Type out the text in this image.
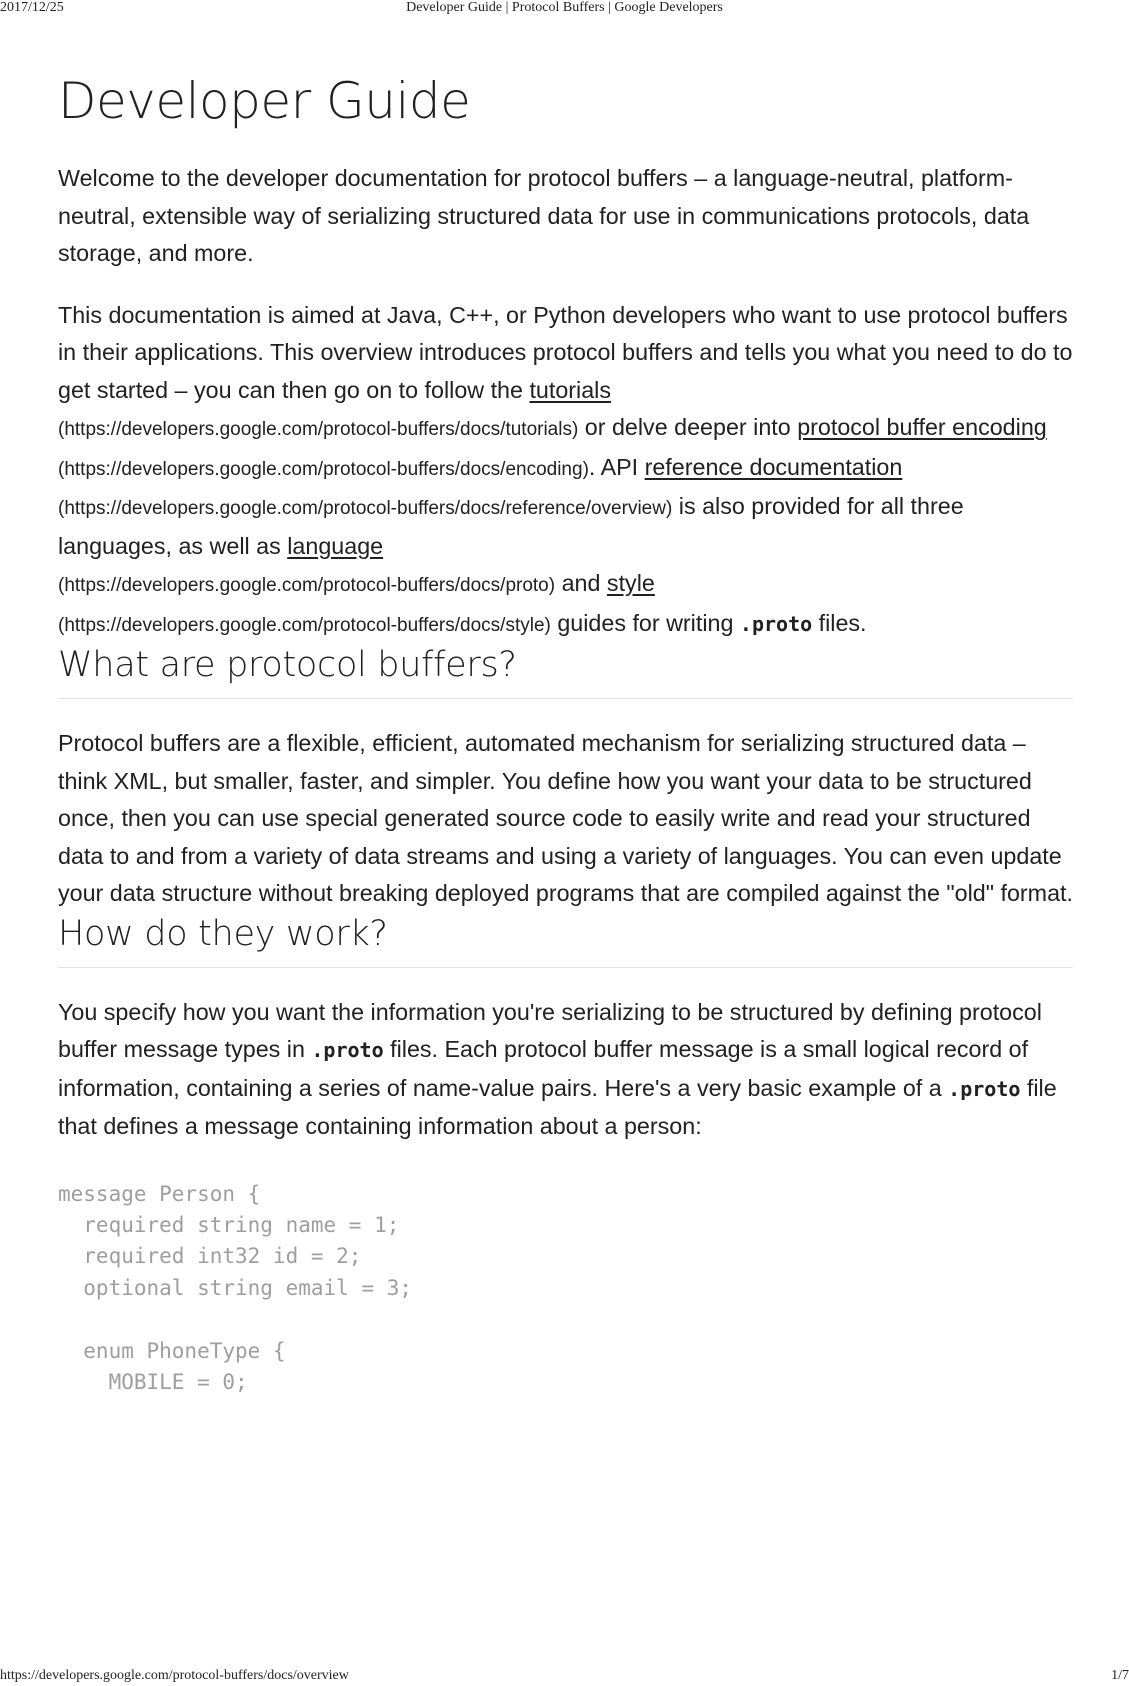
2017/12/25	Developer Guide | Protocol Buffers | Google Developers
Developer Guide

Welcome to the developer documentation for protocol buffers – a language-neutral, platform-neutral, extensible way of serializing structured data for use in communications protocols, data storage, and more.

This documentation is aimed at Java, C++, or Python developers who want to use protocol buffers in their applications. This overview introduces protocol buffers and tells you what you need to do to get started – you can then go on to follow the tutorials
(https://developers.google.com/protocol-buffers/docs/tutorials) or delve deeper into protocol buffer encoding (https://developers.google.com/protocol-buffers/docs/encoding). API reference documentation (https://developers.google.com/protocol-buffers/docs/reference/overview) is also provided for all three languages, as well as language
(https://developers.google.com/protocol-buffers/docs/proto) and style
(https://developers.google.com/protocol-buffers/docs/style) guides for writing .proto files.

What are protocol buffers?

Protocol buffers are a flexible, efficient, automated mechanism for serializing structured data – think XML, but smaller, faster, and simpler. You define how you want your data to be structured once, then you can use special generated source code to easily write and read your structured data to and from a variety of data streams and using a variety of languages. You can even update your data structure without breaking deployed programs that are compiled against the "old" format.

How do they work?

You specify how you want the information you're serializing to be structured by defining protocol buffer message types in .proto files. Each protocol buffer message is a small logical record of information, containing a series of name-value pairs. Here's a very basic example of a .proto file that defines a message containing information about a person:

message Person {
required string name = 1;
required int32 id = 2;
optional string email = 3;

enum PhoneType {
MOBILE = 0;
https://developers.google.com/protocol-buffers/docs/overview	1/7
